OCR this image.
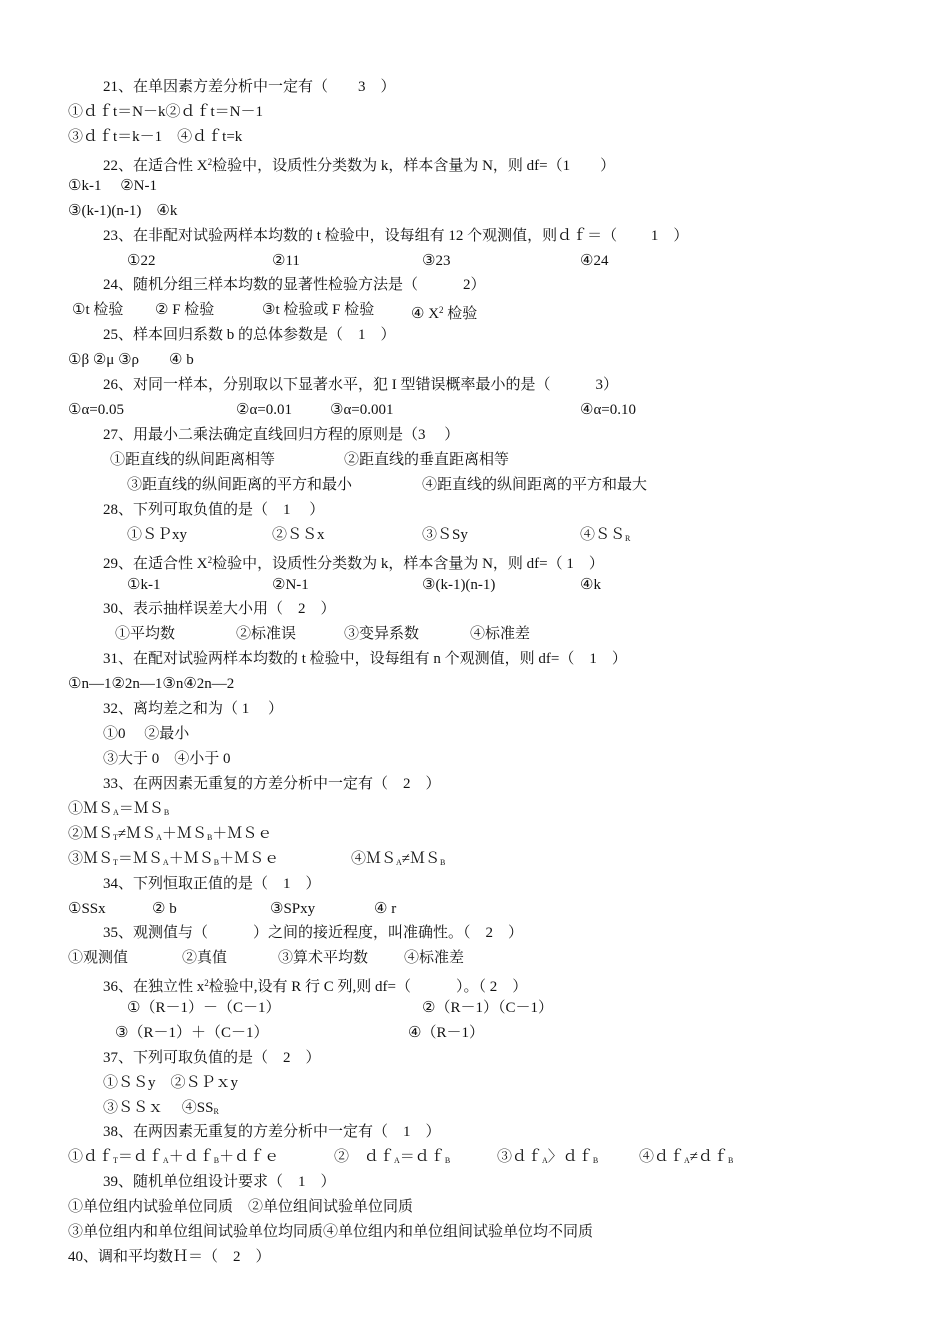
21、在单因素方差分析中一定有（　　3　）
①ｄｆt＝N－k②ｄｆt＝N－1
③ｄｆt＝k－1　④ｄｆt=k
22、在适合性 $X^2$检验中，设质性分类数为 k，样本含量为 N，则 df=（1　　）
①k-1　 ②N-1
③(k-1)(n-1)　④k
23、在非配对试验两样本均数的 t 检验中，设每组有 12 个观测值，则ｄｆ＝（　　 1　）

①22

	②11

	③23

	④24

24、随机分组三样本均数的显著性检验方法是（　　　2）

①t 检验

② F 检验

	③t 检验或 F 检验

④ $X^2$ 检验

25、样本回归系数 b 的总体参数是（　1　）
①β ②μ ③ρ　　④ b
26、对同一样本，分别取以下显著水平，犯 I 型错误概率最小的是（　　　3）

①α=0.05

	②α=0.01

	③α=0.001

	④α=0.10

27、用最小二乘法确定直线回归方程的原则是（3　 ）

①距直线的纵间距离相等

	②距直线的垂直距离相等

③距直线的纵间距离的平方和最小

	④距直线的纵间距离的平方和最大

28、下列可取负值的是（　1　 ）

①ＳＰxy

	②ＳＳx

	③ＳSy

	④ＳＳ$_R$

29、在适合性 $X^2$检验中，设质性分类数为 k，样本含量为 N，则 df=（ 1　）

①k-1

	②N-1

	③(k-1)(n-1)

	④k

30、表示抽样误差大小用（　2　）

①平均数

	②标准误

	③变异系数

	④标准差

31、在配对试验两样本均数的 t 检验中，设每组有 n 个观测值，则 df=（　1　）
①n—1②2n—1③n④2n—2
32、离均差之和为（ 1　 ）
①0　 ②最小
③大于 0　④小于 0
33、在两因素无重复的方差分析中一定有（　2　）
①ＭＳ$_A$＝ＭＳ$_B$
②ＭＳ$_T$≠ＭＳ$_A$＋ＭＳ$_B$＋ＭＳｅ

③ＭＳ$_T$＝ＭＳ$_A$＋ＭＳ$_B$＋ＭＳｅ

	④ＭＳ$_A$≠ＭＳ$_B$

34、下列恒取正值的是（　1　）

①SSx

	② b

	③SPxy

	④ r

35、观测值与（　　　）之间的接近程度，叫准确性。（　2　）

①观测值

	②真值

	③算术平均数

④标准差

36、在独立性 $x^2$检验中,设有 R 行 C 列,则 df=（　　　）。（ 2　）

①（R－1）－（C－1）

	②（R－1）（C－1）

③（R－1）＋（C－1）

	④（R－1）

37、下列可取负值的是（　2　）
①ＳＳy　②ＳＰｘy
③ＳＳｘ　 $④SS_R$
38、在两因素无重复的方差分析中一定有（　1　）

①ｄｆ$_T$＝ｄｆ$_A$＋ｄｆ$_B$＋ｄｆｅ

	②　ｄｆ$_A$＝ｄｆ$_B$

	③ｄｆ$_A$〉ｄｆ$_B$

	④ｄｆ$_A$≠ｄｆ$_B$

39、随机单位组设计要求（　1　）
①单位组内试验单位同质　②单位组间试验单位同质
③单位组内和单位组间试验单位均同质④单位组内和单位组间试验单位均不同质
40、调和平均数Ｈ＝（　2　）
